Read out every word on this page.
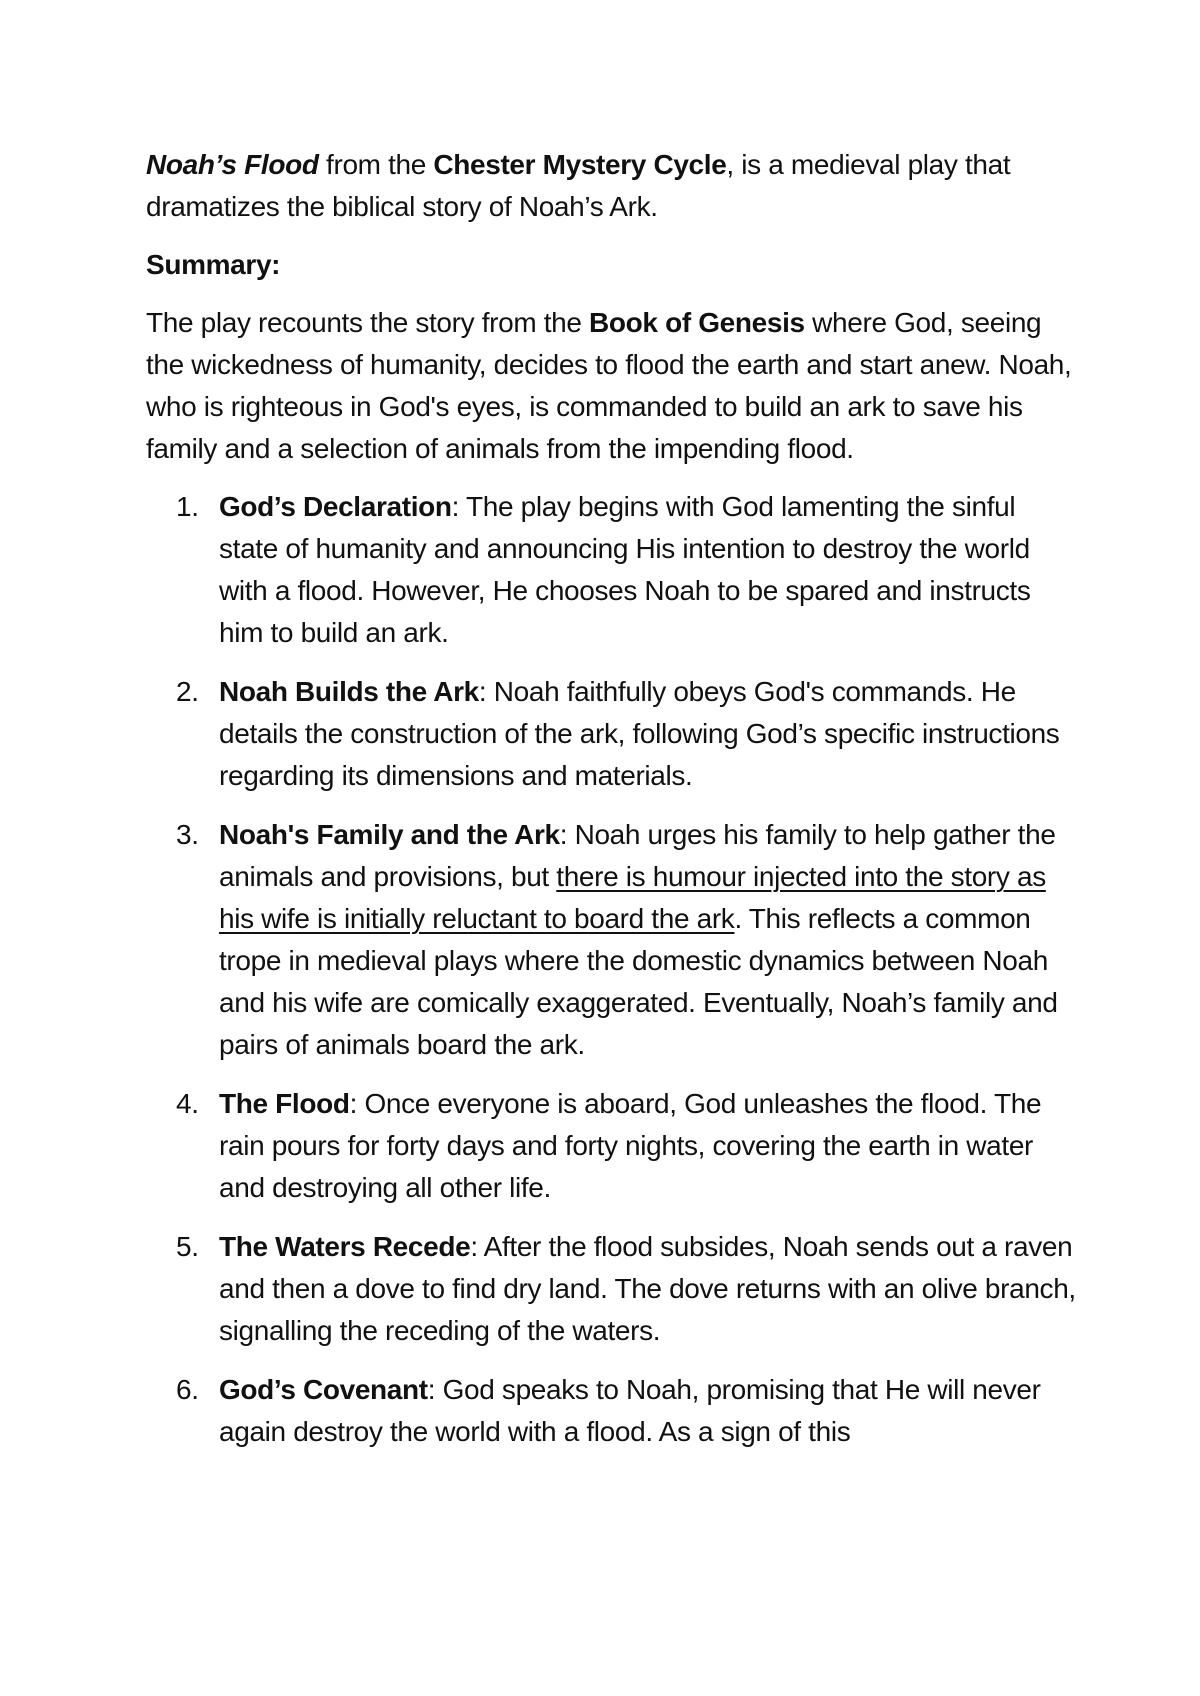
Noah’s Flood from the Chester Mystery Cycle, is a medieval play that dramatizes the biblical story of Noah’s Ark.

Summary:

The play recounts the story from the Book of Genesis where God, seeing the wickedness of humanity, decides to flood the earth and start anew. Noah, who is righteous in God's eyes, is commanded to build an ark to save his family and a selection of animals from the impending flood.

1. God’s Declaration: The play begins with God lamenting the sinful state of humanity and announcing His intention to destroy the world with a flood. However, He chooses Noah to be spared and instructs him to build an ark.
2. Noah Builds the Ark: Noah faithfully obeys God's commands. He details the construction of the ark, following God’s specific instructions regarding its dimensions and materials.
3. Noah's Family and the Ark: Noah urges his family to help gather the animals and provisions, but there is humour injected into the story as his wife is initially reluctant to board the ark. This reflects a common trope in medieval plays where the domestic dynamics between Noah and his wife are comically exaggerated. Eventually, Noah’s family and pairs of animals board the ark.
4. The Flood: Once everyone is aboard, God unleashes the flood. The rain pours for forty days and forty nights, covering the earth in water and destroying all other life.
5. The Waters Recede: After the flood subsides, Noah sends out a raven and then a dove to find dry land. The dove returns with an olive branch, signalling the receding of the waters.
6. God’s Covenant: God speaks to Noah, promising that He will never again destroy the world with a flood. As a sign of this
